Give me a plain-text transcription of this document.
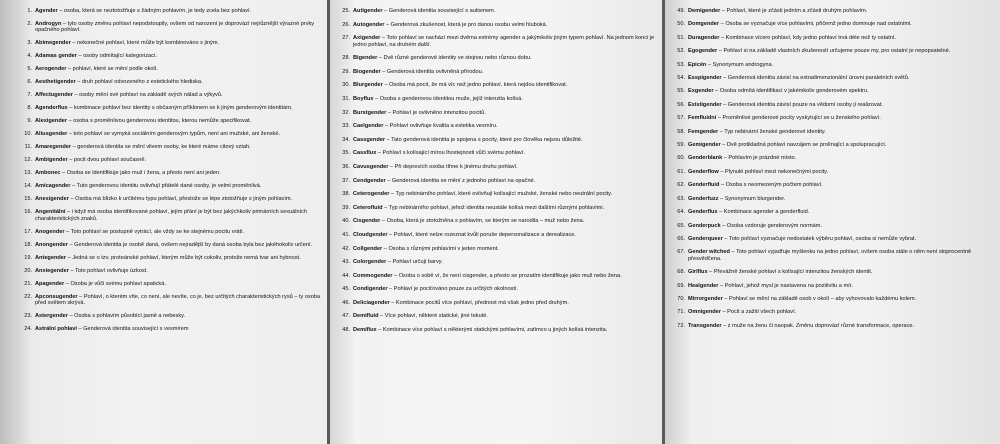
1. Agender – osoba, která se neztotožňuje s žádným pohlavím, je tedy zcela bez pohlaví.
2. Androgyn – tyto osoby změnu pohlaví nepodstoupily, ovšem od narození je doprovází nejrůznější výrazné prvky opačného pohlaví.
3. Abimegender – nekonečné pohlaví, které může být kombinováno s jiným.
4. Adamas gender – osoby odmítající kategorizaci.
5. Aerogender – pohlaví, které se mění podle okolí.
6. Aesthetigender – druh pohlaví odvozeného z estetického hlediska.
7. Affectugender – osoby mění své pohlaví na základě svých nálad a výkyvů.
8. Agenderflux – kombinace pohlaví bez identity s občasným příklonem se k jiným genderovým identitám.
9. Alexigender – osoba s proměnlivou genderovou identitou, kterou nemůže specifikovat.
10. Aliusgender – toto pohlaví se vymyká sociálním genderovým typům, není ani mužské, ani ženské.
11. Amaregender – genderová identita se mění vlivem osoby, ke které máme citový vztah.
12. Ambigender – pocit dvou pohlaví současně.
13. Ambonec – Osoba se identifikuje jako muž i žena, a přesto není ani jeden.
14. Amicagender – Tuto genderovou identitu ovlivňují přátelé dané osoby, je velmi proměnlivá.
15. Anesigender – Osoba má blízko k určitému typu pohlaví, přestože se lépe ztotožňuje s jiným pohlavím.
16. Angenitální – i když má osoba identifikované pohlaví, jejím přání je být bez jakýchkoliv primárních sexuálních charakteristických znaků.
17. Anogender – Toto pohlaví se postupně vytrácí, ale vždy se ke stejnému pocitu vrátí.
18. Anongender – Genderová identita je osobě daná, ovšem nejradější by daná osoba byla bez jakéhokoliv určení.
19. Antegender – Jedná se o tzv. proteánské pohlaví, kterým může být cokoliv, protože nemá tvar ani hybnost.
20. Anxiegender – Toto pohlaví ovlivňuje úzkost.
21. Apagender – Osoba je vůči svému pohlaví apatická.
22. Apconsugender – Pohlaví, o kterém víte, co není, ale nevíte, co je, bez určitých charakteristických rysů – ty osoba před světem skrývá.
23. Astergender – Osoba s pohlavím působící jasně a nebesky.
24. Astrální pohlaví – Genderová identita související s vesmírem
25. Autigender – Genderová identita související s autismem.
26. Autogender – Genderová zkušenost, která je pro danou osobu velmi hluboká.
27. Axigender – Toto pohlaví se nachází mezi dvěma extrémy agender a jakýmkoliv jiným typem pohlaví. Na jednom konci je jedno pohlaví, na druhém další.
28. Bigender – Dvě různé genderové identity ve stejnou nebo různou dobu.
29. Biogender – Genderová identita ovlivněná přírodou.
30. Blurgender – Osoba má pocit, že má víc než jedno pohlaví, která nejdou identifikovat.
31. Boyflux – Osoba s genderovou identitou muže, jejíž intenzita kolísá.
32. Burstgender – Pohlaví je ovlivněno intenzitou pocitů.
33. Caelgender – Pohlaví ovlivňuje kvalita a estetika vesmíru.
34. Cassgender – Tato genderová identita je spojena s pocity, které pro člověka nejsou důležité.
35. Cassflux – Pohlaví s kolísající mírou lhostejnosti vůči svému pohlaví.
36. Cavusgender – Při depresích osoba tíhne k jinému druhu pohlaví.
37. Cendgender – Genderová identita se mění z jednoho pohlaví na opačné.
38. Ceterogender – Typ nebinárního pohlaví, které ovlivňují kolísající mužské, ženské nebo neutrální pocity.
39. Ceterofluid – Typ nebinárního pohlaví, jehož identita neustále kolísá mezi dalšími různými pohlavími.
40. Cisgender – Osoba, která je ztotožněna s pohlavím, se kterým se narodila – muž nebo žena.
41. Cloudgender – Pohlaví, které nelze rozeznat kvůli poruše depersonalizace a derealizace.
42. Collgender – Osoba s různými pohlavími v jeden moment.
43. Colorgender – Pohlaví určují barvy.
44. Commogender – Osoba o sobě ví, že není cisgender, a přesto se prozatím identifikuje jako muž nebo žena.
45. Condigender – Pohlaví je pociťováno pouze za určitých okolností.
46. Deliciagender – Kombinace pocitů více pohlaví, přednost má však jedno před druhým.
47. Demifluid – Více pohlaví, některé statické, jiné tekuté.
48. Demiflux – Kombinace více pohlaví s některými statickými pohlavími, zatímco u jiných kolísá intenzita.
49. Demigender – Pohlaví, které je zčásti jedním a zčásti druhým pohlavím.
50. Domgender – Osoba se vyznačuje více pohlavími, přičemž jedno dominuje nad ostatními.
51. Duragender – Kombinace vícero pohlaví, kdy jedno pohlaví trvá déle než ty ostatní.
52. Egogender – Pohlaví si na základě vlastních zkušeností určujeme pouze my, pro ostatní je nepopsatelné.
53. Epicén – Synonymum androgyna.
54. Esspigender – Genderová identita závisí na extradimenzionální úrovni paralelních světů.
55. Exgender – Osoba odmítá identifikaci v jakémkoliv genderovém spektru.
56. Existigender – Genderová identita závisí pouze na vědomí osoby ji realizovat.
57. Femfluidní – Proměnlivé genderové pocity vyskytující se u ženského pohlaví.
58. Femgender – Typ nebinární ženské genderové identity.
59. Gemigender – Dvě protikladná pohlaví navzájem se prolínající a spolupracující.
60. Genderblank – Pohlavím je prázdné místo.
61. Genderflow – Plynulé pohlaví mezi nekonečnými pocity.
62. Genderfluid – Osoba s neomezeným počtem pohlaví.
63. Genderfuzz – Synonymum blurgender.
64. Genderflux – Kombinace agender a genderfluid.
65. Genderpuck – Osoba vzdoruje genderovým normám.
66. Genderqueer – Toto pohlaví vyznačuje nedostatek výběru pohlaví, osoba si nemůže vybrat.
67. Gender witched – Toto pohlaví vyjadřuje myšlenku na jedno pohlaví, ovšem osoba stále o něm není stoprocentně přesvědčena.
68. Girlflux – Převážně ženské pohlaví s kolísající intenzitou ženských identit.
69. Healgender – Pohlaví, jehož mysl je nastavena na pozitivitu a mír.
70. Mirrorgender – Pohlaví se mění na základě osob v okolí – aby vyhovovalo každému kolem.
71. Omnigender – Pocit a zažití všech pohlaví.
72. Transgender – z muže na ženu či naopak. Změnu doprovází různé transformace, operace.
